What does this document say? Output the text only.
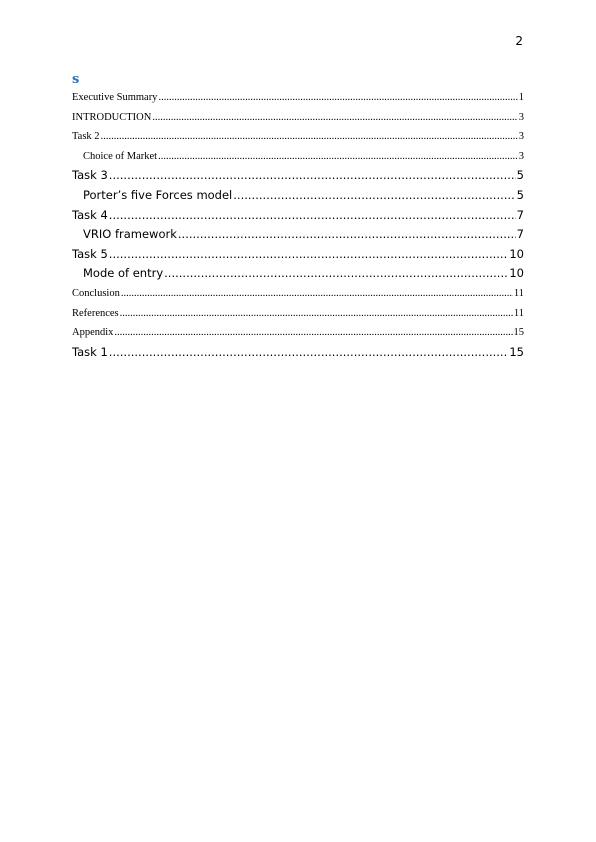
2
s
Executive Summary .....	1
INTRODUCTION .....	3
Task 2 .....	3
Choice of Market .....	3
Task 3 .....	5
Porter’s five Forces model .....	5
Task 4 .....	7
VRIO framework .....	7
Task 5 .....	10
Mode of entry .....	10
Conclusion .....	11
References .....	11
Appendix .....	15
Task 1 .....	15
